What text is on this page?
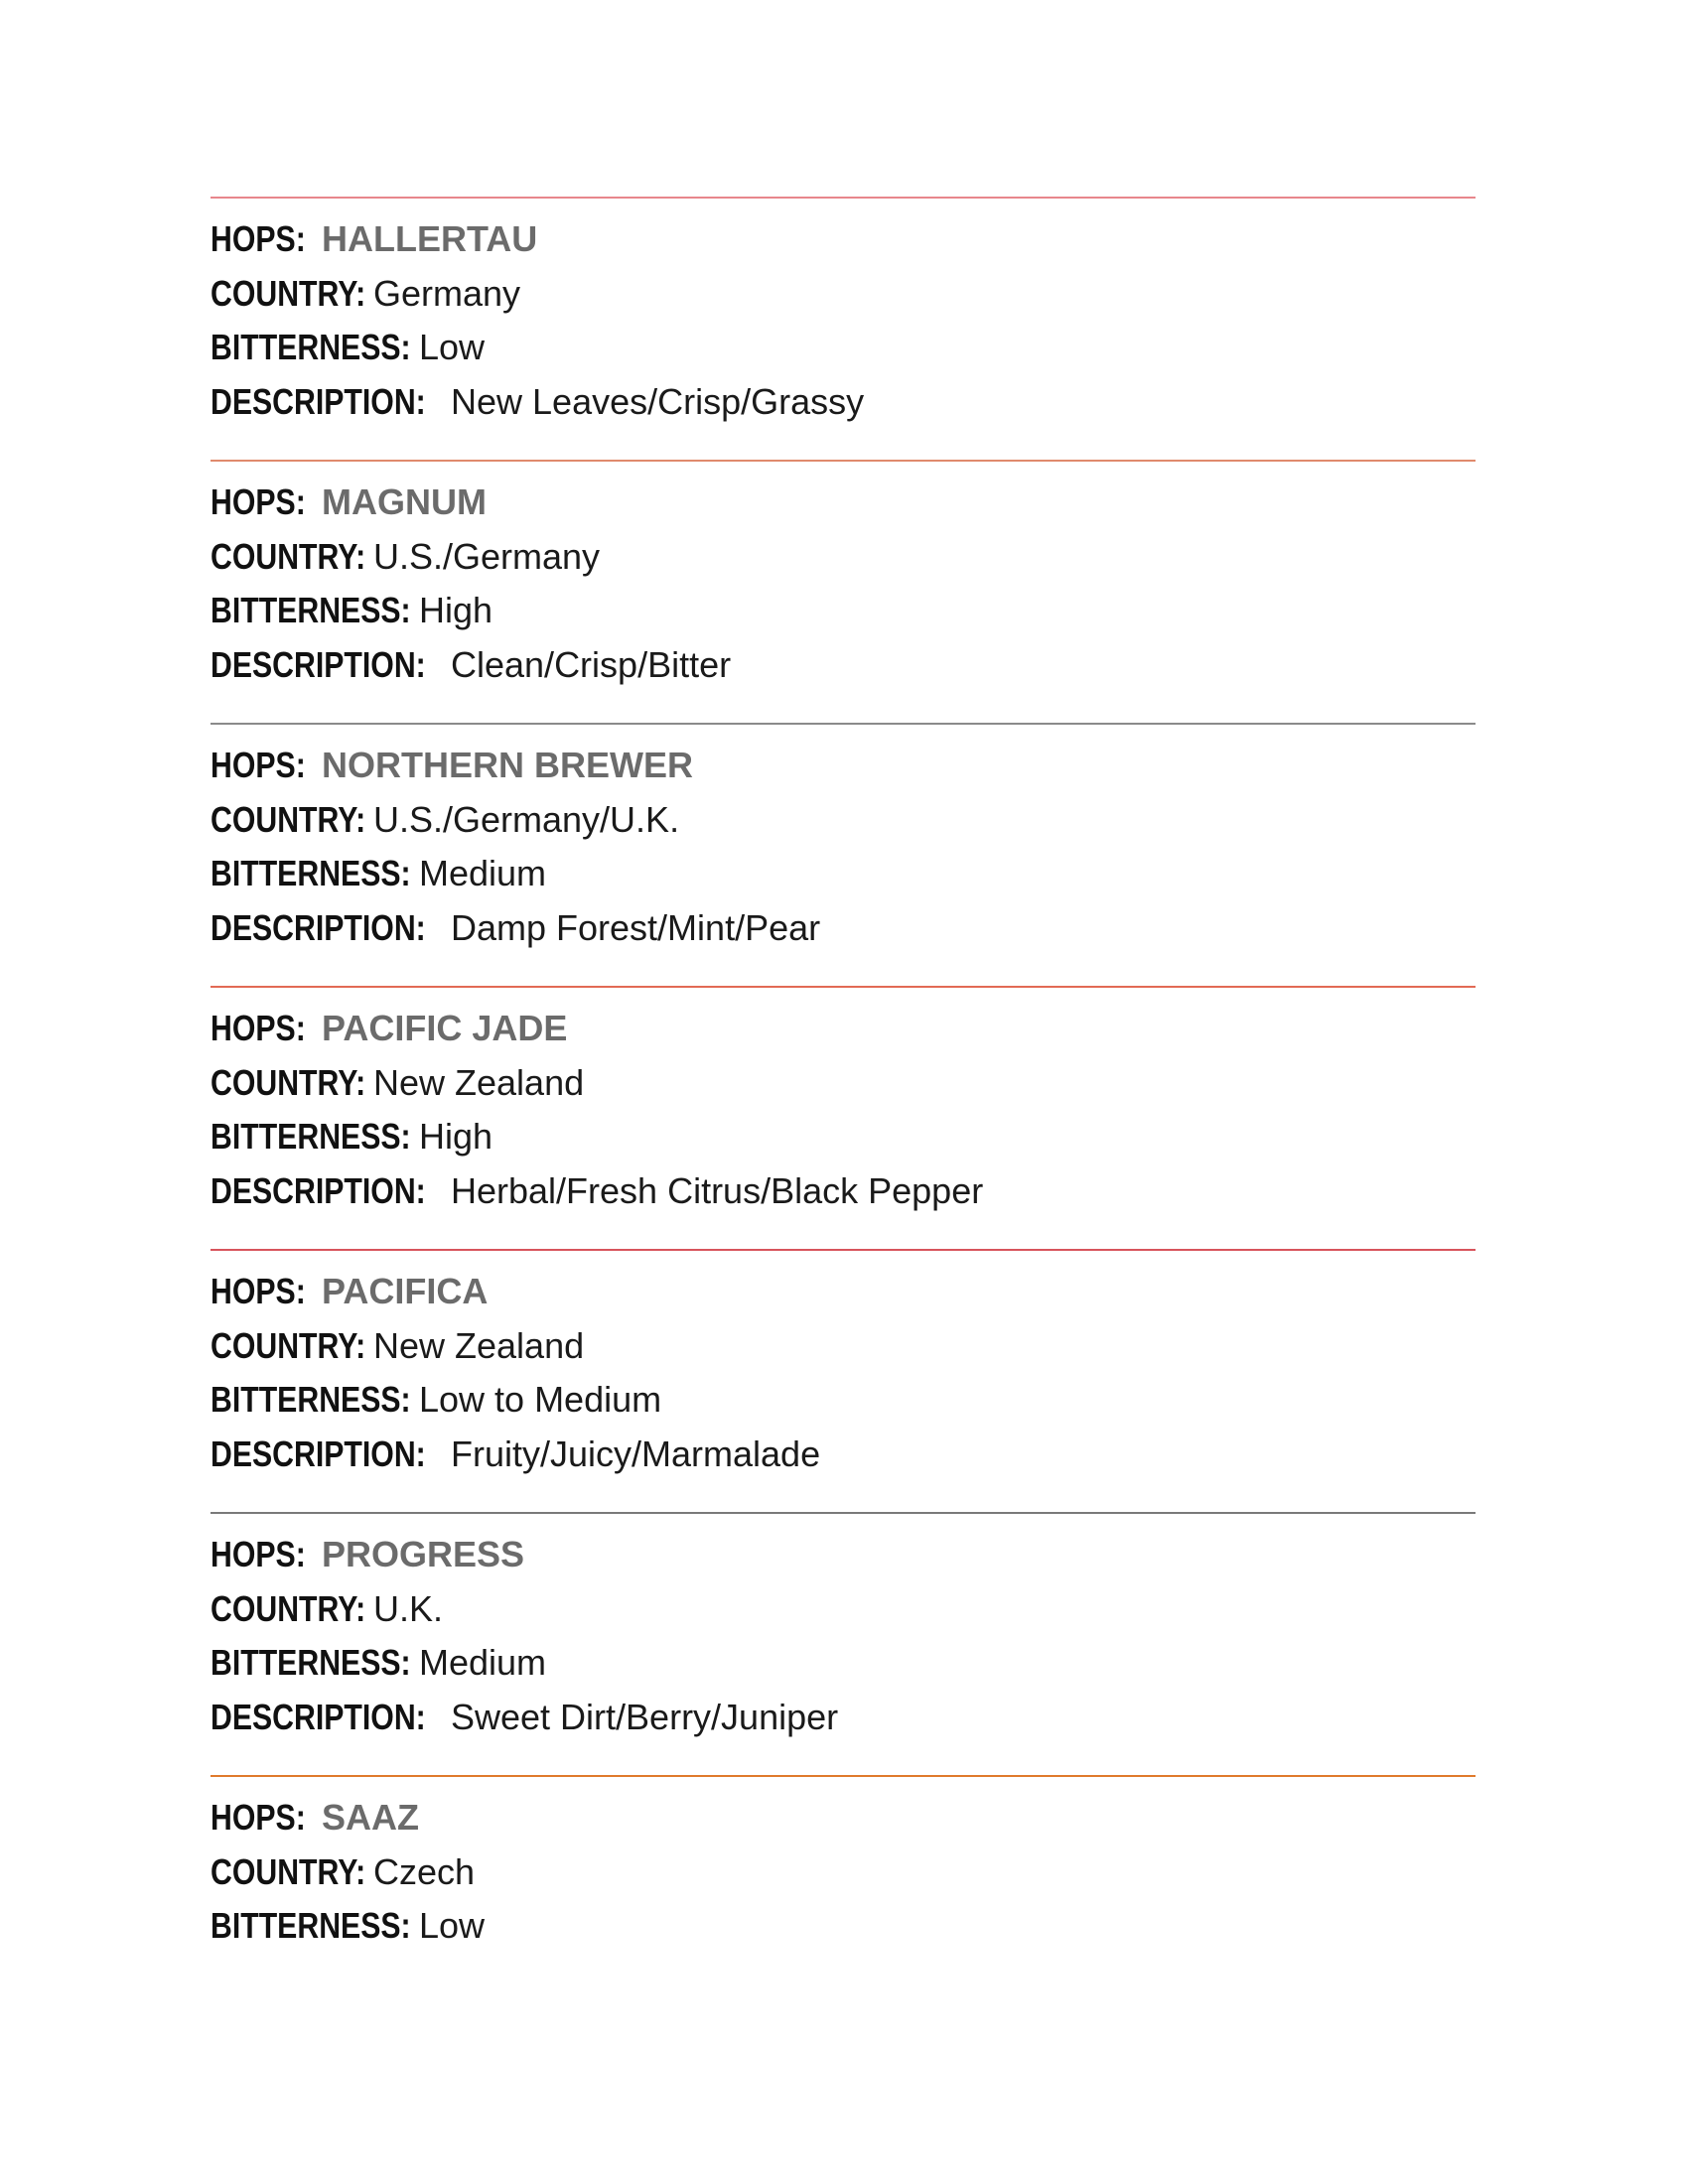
HOPS: HALLERTAU
COUNTRY: Germany
BITTERNESS: Low
DESCRIPTION: New Leaves/Crisp/Grassy
HOPS: MAGNUM
COUNTRY: U.S./Germany
BITTERNESS: High
DESCRIPTION: Clean/Crisp/Bitter
HOPS: NORTHERN BREWER
COUNTRY: U.S./Germany/U.K.
BITTERNESS: Medium
DESCRIPTION: Damp Forest/Mint/Pear
HOPS: PACIFIC JADE
COUNTRY: New Zealand
BITTERNESS: High
DESCRIPTION: Herbal/Fresh Citrus/Black Pepper
HOPS: PACIFICA
COUNTRY: New Zealand
BITTERNESS: Low to Medium
DESCRIPTION: Fruity/Juicy/Marmalade
HOPS: PROGRESS
COUNTRY: U.K.
BITTERNESS: Medium
DESCRIPTION: Sweet Dirt/Berry/Juniper
HOPS: SAAZ
COUNTRY: Czech
BITTERNESS: Low
